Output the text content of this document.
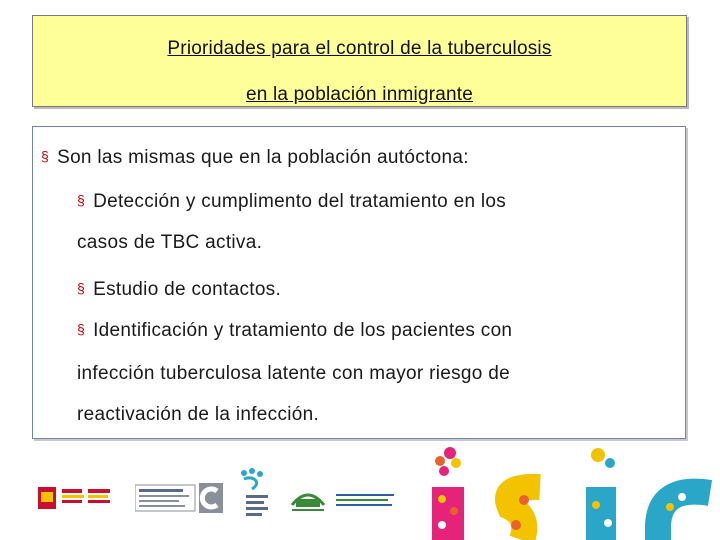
Prioridades para el control de la tuberculosis
en la población inmigrante
§ Son las mismas que en la población autóctona:
§ Detección y cumplimento del tratamiento en los
casos de TBC activa.
§ Estudio de contactos.
§ Identificación y tratamiento de los pacientes con
infección tuberculosa latente con mayor riesgo de
reactivación de la infección.
